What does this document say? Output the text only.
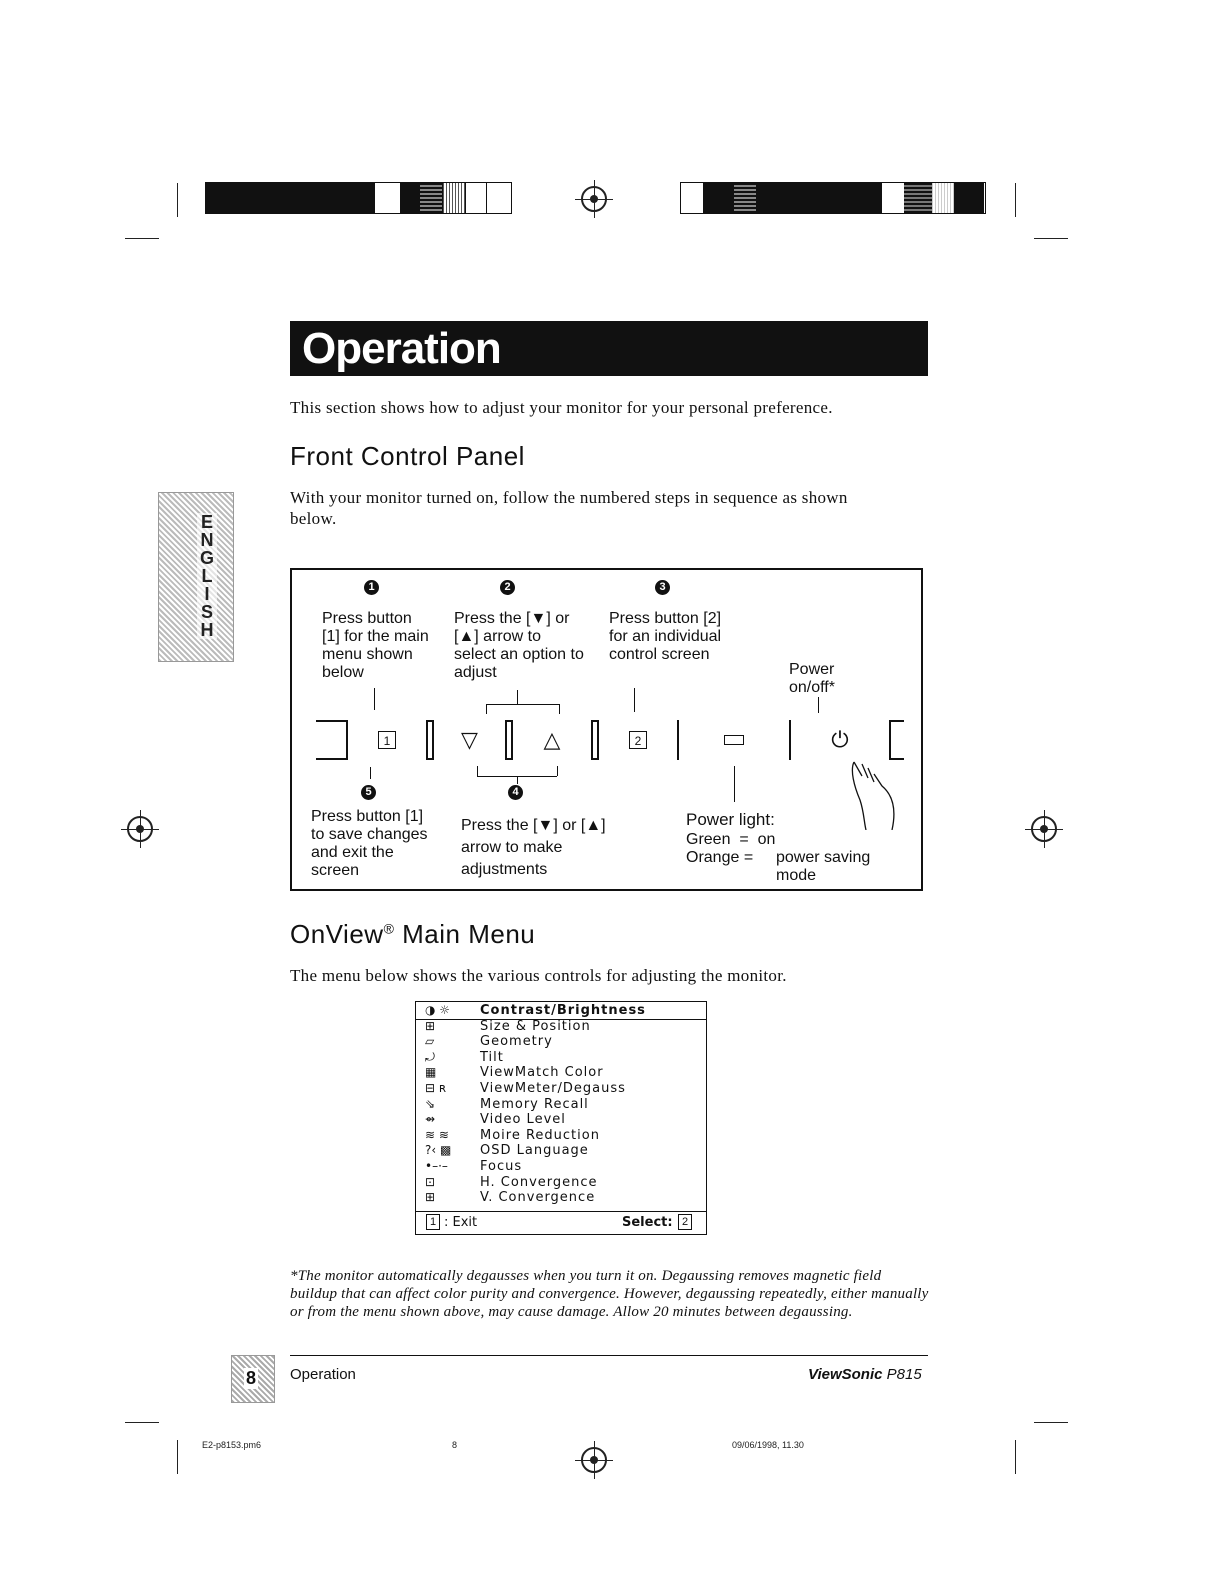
Operation
This section shows how to adjust your monitor for your personal preference.
Front Control Panel
With your monitor turned on, follow the numbered steps in sequence as shown below.
E
N
G
L
I
S
H
1	2	3
Press button [1] for the main menu shown below
Press the [▼] or [▲] arrow to select an option to adjust
Press button [2] for an individual control screen
Power on/off*
1	▽	△	2	⏻
5	4
Press button [1] to save changes and exit the screen
Press the [▼] or [▲] arrow to make adjustments
Power light:
Green  =  on
Orange = power saving mode
OnView® Main Menu
The menu below shows the various controls for adjusting the monitor.
1 : Exit	Select: 2
◑ ☼ Contrast/Brightness
⊞	Size & Position
▱	Geometry
⤾	Tilt
▦	ViewMatch Color
⊟ ʀ	ViewMeter/Degauss
⇘	Memory Recall
⇴	Video Level
≋ ≋ Moire Reduction
?‹ ▩ OSD Language
•–·– Focus
⊡	H. Convergence
⊞	V. Convergence
*The monitor automatically degausses when you turn it on. Degaussing removes magnetic field buildup that can affect color purity and convergence. However, degaussing repeatedly, either manually or from the menu shown above, may cause damage. Allow 20 minutes between degaussing.
8 Operation	ViewSonic P815
E2-p8153.pm6	8	09/06/1998, 11.30
